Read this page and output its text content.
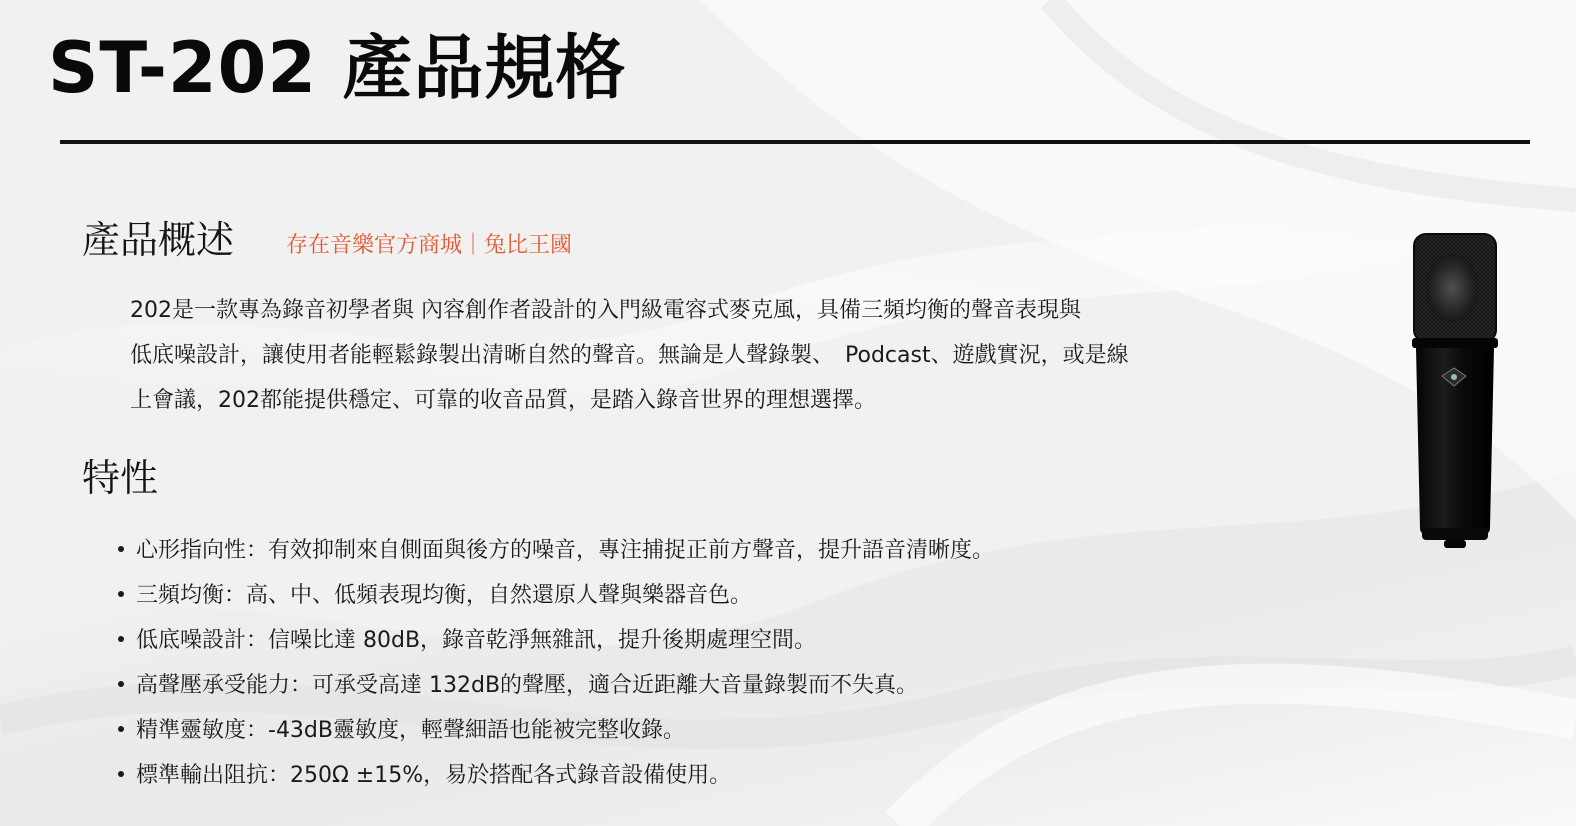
ST-202 產品規格
產品概述 存在音樂官方商城｜兔比王國

202是一款專為錄音初學者與 內容創作者設計的入門級電容式麥克風，具備三頻均衡的聲音表現與
低底噪設計，讓使用者能輕鬆錄製出清晰自然的聲音。無論是人聲錄製、　Podcast、遊戲實況，或是線
上會議，202都能提供穩定、可靠的收音品質，是踏入錄音世界的理想選擇。

特性
心形指向性：有效抑制來自側面與後方的噪音，專注捕捉正前方聲音，提升語音清晰度。
三頻均衡：高、中、低頻表現均衡，自然還原人聲與樂器音色。
低底噪設計：信噪比達 80dB，錄音乾淨無雜訊，提升後期處理空間。
高聲壓承受能力：可承受高達 132dB的聲壓，適合近距離大音量錄製而不失真。
精準靈敏度：-43dB靈敏度，輕聲細語也能被完整收錄。
標準輸出阻抗：250Ω ±15%，易於搭配各式錄音設備使用。
